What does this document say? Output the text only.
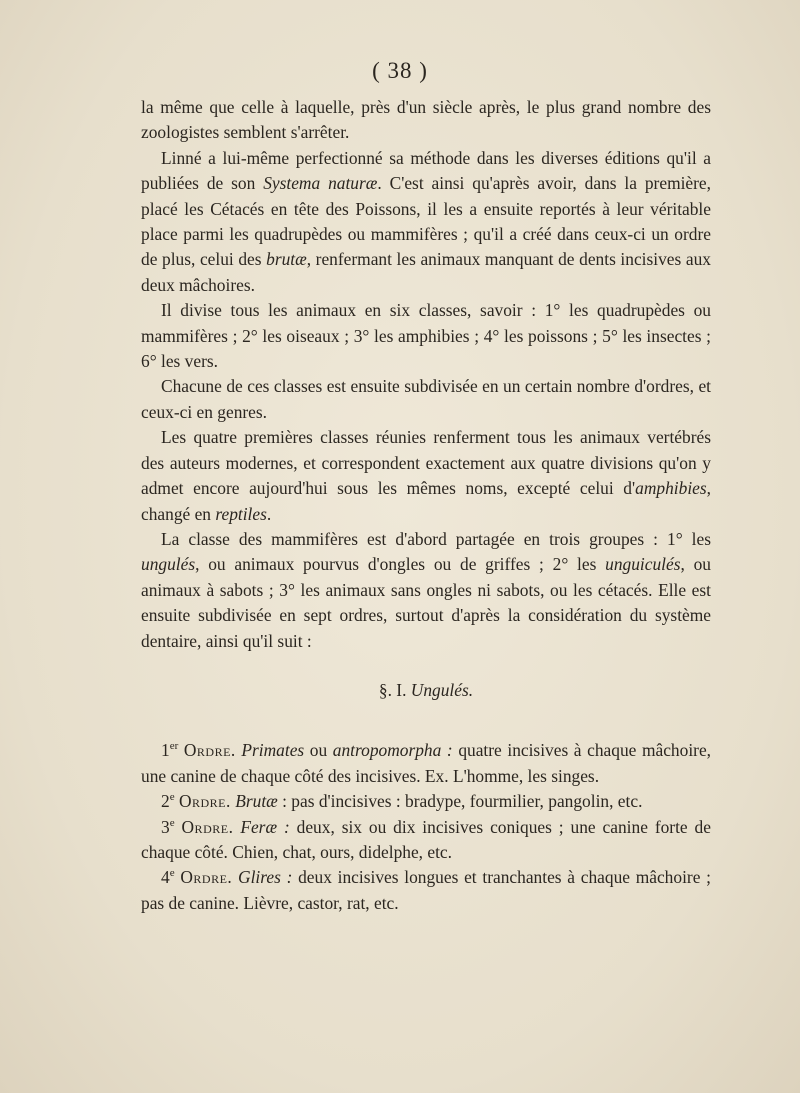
( 38 )

la même que celle à laquelle, près d'un siècle après, le plus grand nombre des zoologistes semblent s'arrêter.

Linné a lui-même perfectionné sa méthode dans les diverses éditions qu'il a publiées de son Systema naturæ. C'est ainsi qu'après avoir, dans la première, placé les Cétacés en tête des Poissons, il les a ensuite reportés à leur véritable place parmi les quadrupèdes ou mammifères ; qu'il a créé dans ceux-ci un ordre de plus, celui des brutæ, renfermant les animaux manquant de dents incisives aux deux mâchoires.

Il divise tous les animaux en six classes, savoir : 1° les quadrupèdes ou mammifères ; 2° les oiseaux ; 3° les amphibies ; 4° les poissons ; 5° les insectes ; 6° les vers.

Chacune de ces classes est ensuite subdivisée en un certain nombre d'ordres, et ceux-ci en genres.

Les quatre premières classes réunies renferment tous les animaux vertébrés des auteurs modernes, et correspondent exactement aux quatre divisions qu'on y admet encore aujourd'hui sous les mêmes noms, excepté celui d'amphibies, changé en reptiles.

La classe des mammifères est d'abord partagée en trois groupes : 1° les ungulés, ou animaux pourvus d'ongles ou de griffes ; 2° les unguiculés, ou animaux à sabots ; 3° les animaux sans ongles ni sabots, ou les cétacés. Elle est ensuite subdivisée en sept ordres, surtout d'après la considération du système dentaire, ainsi qu'il suit :

§. I. Ungulés.

1er Ordre. Primates ou antropomorpha : quatre incisives à chaque mâchoire, une canine de chaque côté des incisives. Ex. L'homme, les singes.

2e Ordre. Brutæ : pas d'incisives : bradype, fourmilier, pangolin, etc.

3e Ordre. Feræ : deux, six ou dix incisives coniques ; une canine forte de chaque côté. Chien, chat, ours, didelphe, etc.

4e Ordre. Glires : deux incisives longues et tranchantes à chaque mâchoire ; pas de canine. Lièvre, castor, rat, etc.
